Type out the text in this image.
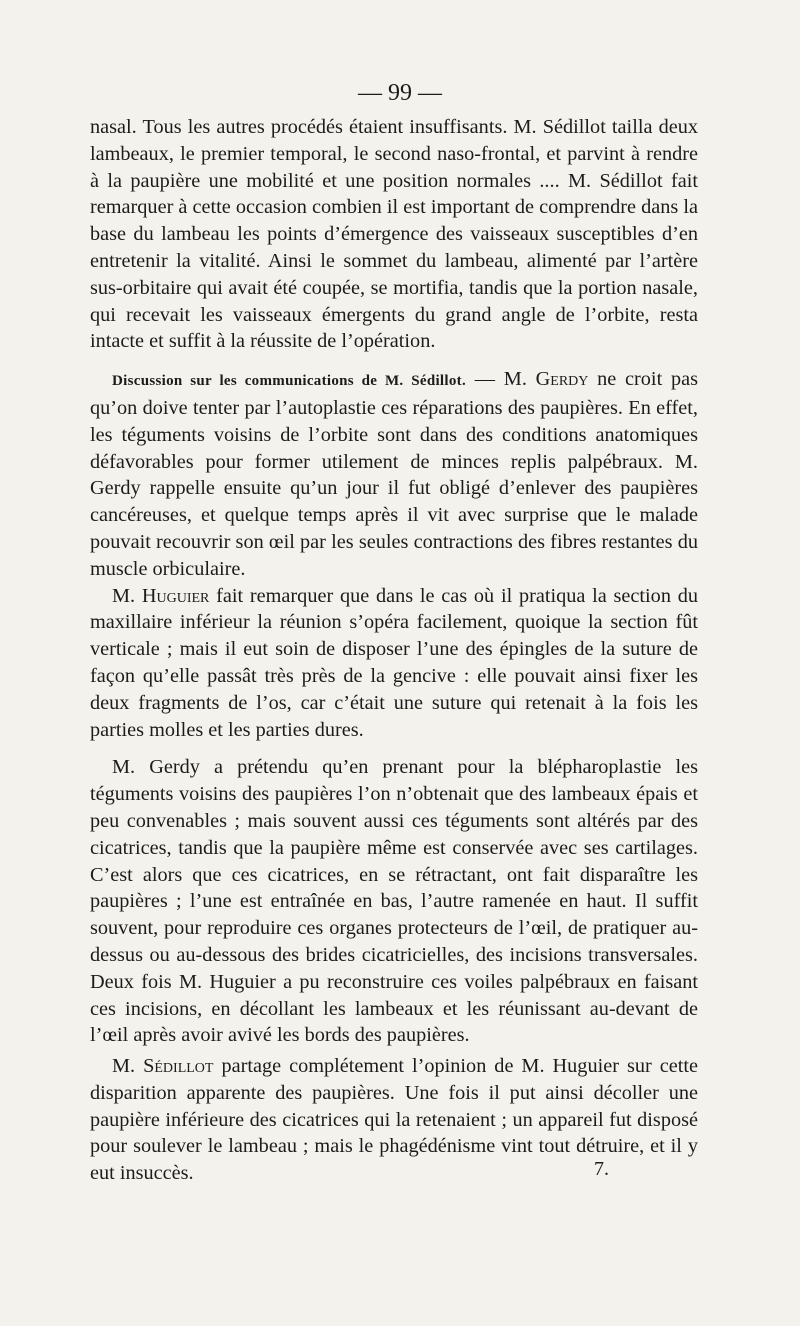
— 99 —

nasal. Tous les autres procédés étaient insuffisants. M. Sédillot tailla deux lambeaux, le premier temporal, le second naso-frontal, et parvint à rendre à la paupière une mobilité et une position normales .... M. Sédillot fait remarquer à cette occasion combien il est important de comprendre dans la base du lambeau les points d’émergence des vaisseaux susceptibles d’en entretenir la vitalité. Ainsi le sommet du lambeau, alimenté par l’artère sus-orbitaire qui avait été coupée, se mortifia, tandis que la portion nasale, qui recevait les vaisseaux émergents du grand angle de l’orbite, resta intacte et suffit à la réussite de l’opération.

Discussion sur les communications de M. Sédillot. — M. Gerdy ne croit pas qu’on doive tenter par l’autoplastie ces réparations des paupières. En effet, les téguments voisins de l’orbite sont dans des conditions anatomiques défavorables pour former utilement de minces replis palpébraux. M. Gerdy rappelle ensuite qu’un jour il fut obligé d’enlever des paupières cancéreuses, et quelque temps après il vit avec surprise que le malade pouvait recouvrir son œil par les seules contractions des fibres restantes du muscle orbiculaire.

M. Huguier fait remarquer que dans le cas où il pratiqua la section du maxillaire inférieur la réunion s’opéra facilement, quoique la section fût verticale ; mais il eut soin de disposer l’une des épingles de la suture de façon qu’elle passât très près de la gencive : elle pouvait ainsi fixer les deux fragments de l’os, car c’était une suture qui retenait à la fois les parties molles et les parties dures.

M. Gerdy a prétendu qu’en prenant pour la blépharoplastie les téguments voisins des paupières l’on n’obtenait que des lambeaux épais et peu convenables ; mais souvent aussi ces téguments sont altérés par des cicatrices, tandis que la paupière même est conservée avec ses cartilages. C’est alors que ces cicatrices, en se rétractant, ont fait disparaître les paupières ; l’une est entraînée en bas, l’autre ramenée en haut. Il suffit souvent, pour reproduire ces organes protecteurs de l’œil, de pratiquer au-dessus ou au-dessous des brides cicatricielles, des incisions transversales. Deux fois M. Huguier a pu reconstruire ces voiles palpébraux en faisant ces incisions, en décollant les lambeaux et les réunissant au-devant de l’œil après avoir avivé les bords des paupières.

M. Sédillot partage complétement l’opinion de M. Huguier sur cette disparition apparente des paupières. Une fois il put ainsi décoller une paupière inférieure des cicatrices qui la retenaient ; un appareil fut disposé pour soulever le lambeau ; mais le phagédénisme vint tout détruire, et il y eut insuccès.	7.
